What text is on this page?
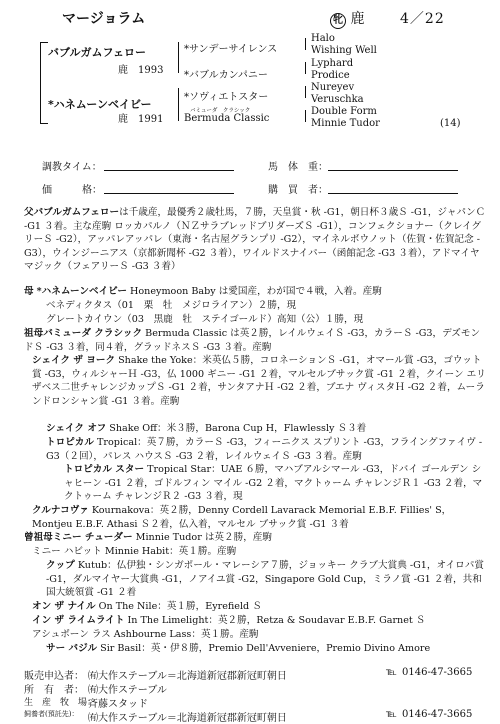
マージョラム	牝 鹿	4／22
バブルガムフェロー
鹿　1993
*ハネムーンベイビー
鹿　1991
*サンデーサイレンス
*バブルカンパニー
*ソヴィエトスター
バミューダ　クラシック
Bermuda Classic
Halo
Wishing Well
Lyphard
Prodice
Nureyev
Veruschka
Double Form
Minnie Tudor	(14)
調教タイム：	馬　体　重：
価　　　格：	購　買　者：
父バブルガムフェローは千歳産，最優秀２歳牡馬，７勝，天皇賞・秋 -G1，朝日杯３歳Ｓ -G1，ジャパンＣ -G1 ３着。主な産駒 ロッカパルノ（ＮＺサラブレッドブリダーズＳ -G1），コンフェクショナー（クレイグリーＳ -G2），アッパレアッパレ（東海・名古屋グランプリ -G2），マイネルボウノット（佐賀・佐賀記念 -G3），ウインジーニアス（京都新聞杯 -G2 ３着），ワイルドスナイパー（函館記念 -G3 ３着），アドマイヤマジック（フェアリーＳ -G3 ３着）
母 *ハネムーンベイビー Honeymoon Baby は愛国産，わが国で４戦，入着。産駒
ベネディクタス（01　栗　牡　メジロライアン）２勝，現
グレートカイウン（03　黒鹿　牡　ステイゴールド）高知（公）１勝，現
祖母バミューダ クラシック Bermuda Classic は英２勝，レイルウェイＳ -G3，カラーＳ -G3，デズモンドＳ -G3 ３着，同４着，グラッドネスＳ -G3 ３着。産駒
シェイク ザ ヨーク Shake the Yoke：米英仏５勝，コロネーションＳ -G1，オマール賞 -G3，ゴウット賞 -G3，ウィルシャーＨ -G3，仏 1000 ギニー -G1 ２着，マルセルブサック賞 -G1 ２着，クイーン エリザベス二世チャレンジカップＳ -G1 ２着，サンタアナＨ -G2 ２着，ブエナ ヴィスタＨ -G2 ２着，ムーランドロンシャン賞 -G1 ３着。産駒
シェイク オフ Shake Off：米３勝，Barona Cup H，Flawlessly Ｓ３着
トロピカル Tropical：英７勝，カラーＳ -G3，フィーニクス スプリント -G3，フライングファイヴ -G3（２回），パレス ハウスＳ -G3 ２着，レイルウェイＳ -G3 ３着。産駒
トロピカル スター Tropical Star：UAE ６勝，マハブアルシマール -G3，ドバイ ゴールデン シャヒーン -G1 ２着，ゴドルフィン マイル -G2 ２着，マクトゥーム チャレンジＲ１ -G3 ２着，マクトゥーム チャレンジＲ２ -G3 ３着，現
クルナコヴァ Kournakova：英２勝，Denny Cordell Lavarack Memorial E.B.F. Fillies' S，Montjeu E.B.F. Athasi Ｓ２着，仏入着，マルセル ブサック賞 -G1 ３着
曾祖母ミニー チューダー Minnie Tudor は英２勝，産駒
ミニー ハビット Minnie Habit：英１勝。産駒
クップ Kutub：仏伊独・シンガポール・マレーシア７勝，ジョッキー クラブ大賞典 -G1，オイロパ賞 -G1，ダルマイヤー大賞典 -G1，ノアイユ賞 -G2，Singapore Gold Cup，ミラノ賞 -G1 ２着，共和国大統領賞 -G1 ２着
オン ザ ナイル On The Nile：英１勝，Eyrefield Ｓ
イン ザ ライムライト In The Limelight：英２勝，Retza & Soudavar E.B.F. Garnet Ｓ
アシュボーン ラス Ashbourne Lass：英１勝。産駒
サー バジル Sir Basil：英・伊８勝，Premio Dell'Avveniere，Premio Divino Amore
販売申込者： ㈲大作ステーブル＝北海道新冠郡新冠町朝日	℡ 0146-47-3665
所　有　者： ㈲大作ステーブル
生　産　牧　場：
斉藤スタッド
飼養者(預託先)： ㈲大作ステーブル＝北海道新冠郡新冠町朝日	℡ 0146-47-3665
